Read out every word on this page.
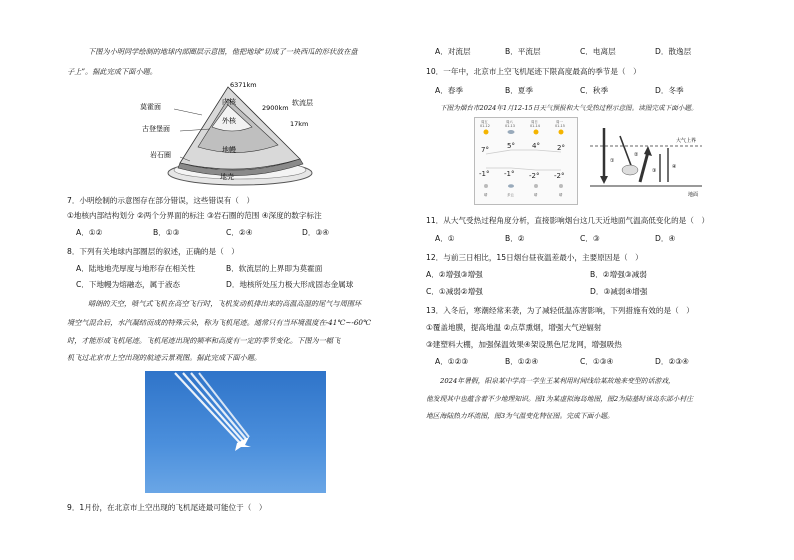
下图为小明同学绘制的地球内部圈层示意图，他把地球“切成了一块西瓜的形状放在盘
子上”。据此完成下面小题。
6371km
莫霍面
内核
2900km
软流层
17km
外核
古登堡面
岩石圈
地幔
地壳
7．小明绘制的示意图存在部分错误，这些错误有（　）
①地核内部结构划分 ②两个分界面的标注 ③岩石圈的范围 ④深度的数字标注
A．①②	B．①③	C．②④	D．③④
8．下列有关地球内部圈层的叙述，正确的是（　）
A．陆地地壳厚度与地形存在相关性	B．软流层的上界即为莫霍面
C．下地幔为熔融态，属于液态	D．地核所处压力极大形成固态金属球
晴朗的天空，喷气式飞机在高空飞行时，飞机发动机排出来的高温高湿的尾气与周围环
境空气混合后，水汽凝结而成的特殊云朵，称为飞机尾迹。通常只有当环境温度在-41℃~-60℃
时，才能形成飞机尾迹。飞机尾迹出现的频率和高度有一定的季节变化。下图为一幅飞
机飞过北京市上空出现的航迹云景观图。据此完成下面小题。
9．1月份，在北京市上空出现的飞机尾迹最可能位于（　）
A．对流层	B．平流层	C．电离层	D．散逸层
10．一年中，北京市上空飞机尾迹下限高度最高的季节是（　）
A．春季	B．夏季	C．秋季	D．冬季
下图为烟台市2024年1月12-15日天气预报和大气受热过程示意图。读图完成下面小题。
周五	周六	周日	周一
01-12	01-13	01-14	01-15
7°	5° 4° 2°
-1° -1° -2° -2°
晴	多云	晴	晴
大气上界
地面
①
②
③
④
11．从大气受热过程角度分析，直接影响烟台这几天近地面气温高低变化的是（　）
A．①	B．②	C．③	D．④
12．与前三日相比，15日烟台昼夜温差最小，主要原因是（　）
A．②增强③增强	B．②增强③减弱
C．①减弱②增强	D．③减弱④增强
13．入冬后，寒潮经常来袭，为了减轻低温冻害影响，下列措施有效的是（　）
①覆盖地膜，提高地温 ②点草熏烟，增强大气逆辐射
③建塑料大棚，加强保温效果④架设黑色尼龙网，增强吸热
A．①②③	B．①②④	C．①③④	D．②③④
2024年暑假，阳泉某中学高一学生王某利用时间线给某故地来变型的话游戏，
他发现其中也蕴含着不少地理知识。图1为某虚拟海岛地图，图2为陆基时该岛东部小村庄
地区海陆热力环流图，图3为气温变化特征图。完成下面小题。
